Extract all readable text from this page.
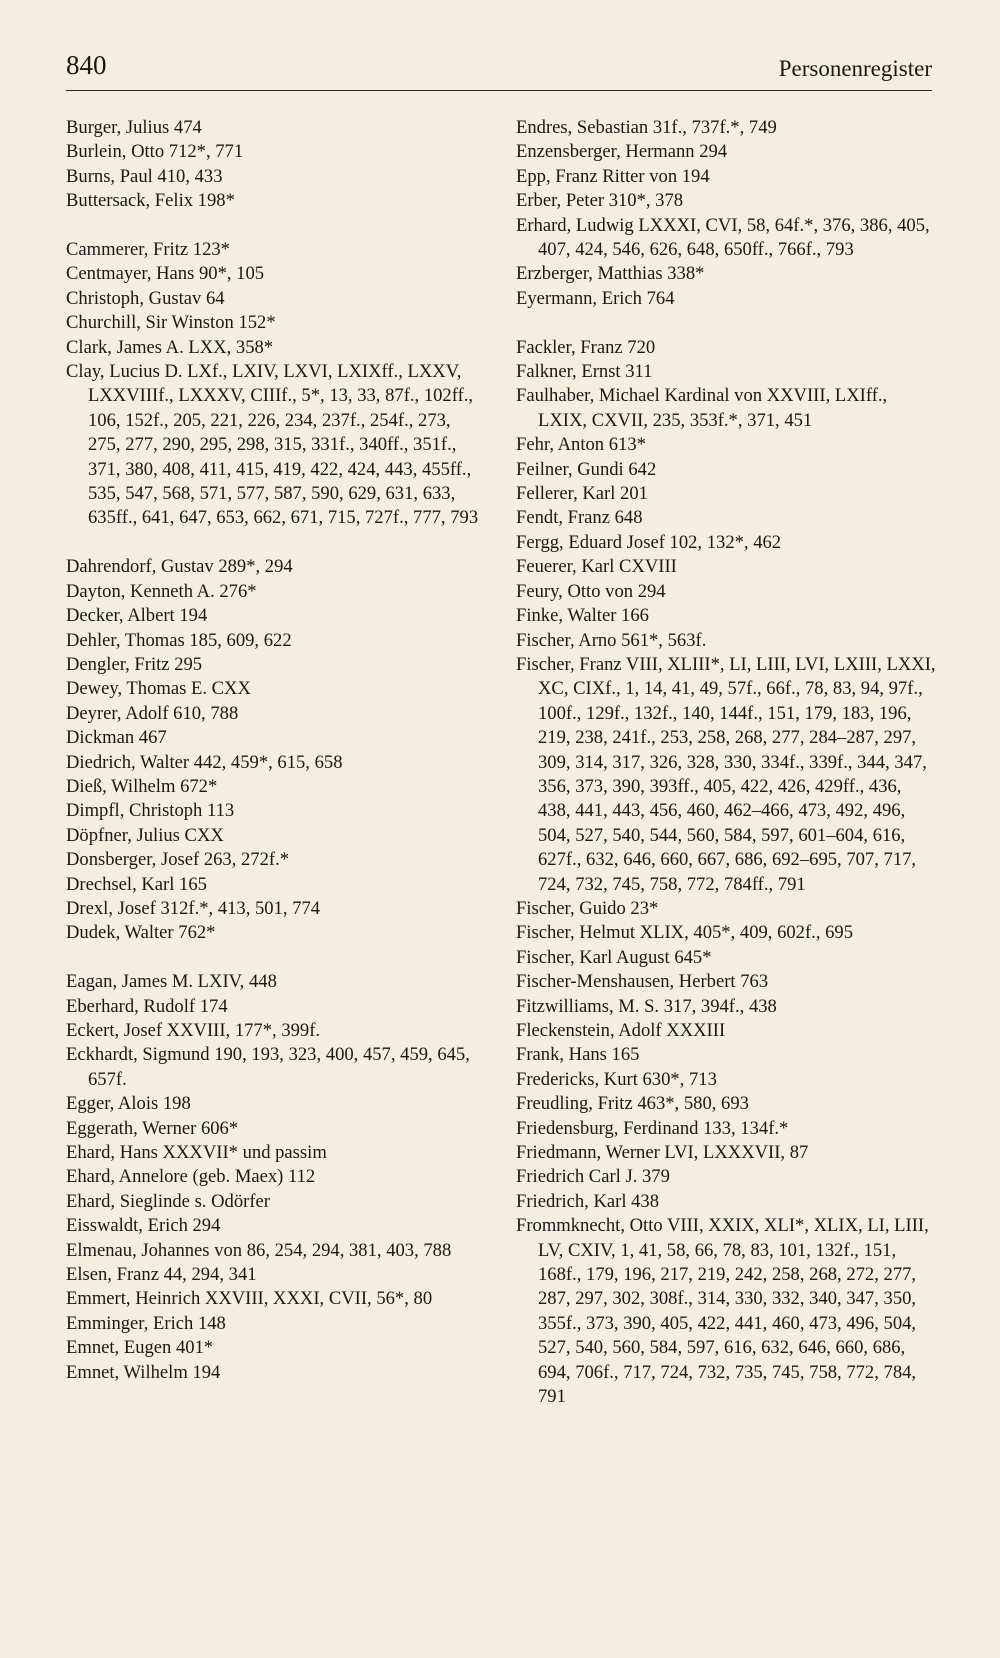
840	Personenregister

Burger, Julius 474

Burlein, Otto 712*, 771

Burns, Paul 410, 433

Buttersack, Felix 198*

Cammerer, Fritz 123*

Centmayer, Hans 90*, 105

Christoph, Gustav 64

Churchill, Sir Winston 152*

Clark, James A. LXX, 358*

Clay, Lucius D. LXf., LXIV, LXVI, LXIXff., LXXV, LXXVIIIf., LXXXV, CIIIf., 5*, 13, 33, 87f., 102ff., 106, 152f., 205, 221, 226, 234, 237f., 254f., 273, 275, 277, 290, 295, 298, 315, 331f., 340ff., 351f., 371, 380, 408, 411, 415, 419, 422, 424, 443, 455ff., 535, 547, 568, 571, 577, 587, 590, 629, 631, 633, 635ff., 641, 647, 653, 662, 671, 715, 727f., 777, 793

Dahrendorf, Gustav 289*, 294

Dayton, Kenneth A. 276*

Decker, Albert 194

Dehler, Thomas 185, 609, 622

Dengler, Fritz 295

Dewey, Thomas E. CXX

Deyrer, Adolf 610, 788

Dickman 467

Diedrich, Walter 442, 459*, 615, 658

Dieß, Wilhelm 672*

Dimpfl, Christoph 113

Döpfner, Julius CXX

Donsberger, Josef 263, 272f.*

Drechsel, Karl 165

Drexl, Josef 312f.*, 413, 501, 774

Dudek, Walter 762*

Eagan, James M. LXIV, 448

Eberhard, Rudolf 174

Eckert, Josef XXVIII, 177*, 399f.

Eckhardt, Sigmund 190, 193, 323, 400, 457, 459, 645, 657f.

Egger, Alois 198

Eggerath, Werner 606*

Ehard, Hans XXXVII* und passim

Ehard, Annelore (geb. Maex) 112

Ehard, Sieglinde s. Odörfer

Eisswaldt, Erich 294

Elmenau, Johannes von 86, 254, 294, 381, 403, 788

Elsen, Franz 44, 294, 341

Emmert, Heinrich XXVIII, XXXI, CVII, 56*, 80

Emminger, Erich 148

Emnet, Eugen 401*

Emnet, Wilhelm 194

Endres, Sebastian 31f., 737f.*, 749

Enzensberger, Hermann 294

Epp, Franz Ritter von 194

Erber, Peter 310*, 378

Erhard, Ludwig LXXXI, CVI, 58, 64f.*, 376, 386, 405, 407, 424, 546, 626, 648, 650ff., 766f., 793

Erzberger, Matthias 338*

Eyermann, Erich 764

Fackler, Franz 720

Falkner, Ernst 311

Faulhaber, Michael Kardinal von XXVIII, LXIff., LXIX, CXVII, 235, 353f.*, 371, 451

Fehr, Anton 613*

Feilner, Gundi 642

Fellerer, Karl 201

Fendt, Franz 648

Fergg, Eduard Josef 102, 132*, 462

Feuerer, Karl CXVIII

Feury, Otto von 294

Finke, Walter 166

Fischer, Arno 561*, 563f.

Fischer, Franz VIII, XLIII*, LI, LIII, LVI, LXIII, LXXI, XC, CIXf., 1, 14, 41, 49, 57f., 66f., 78, 83, 94, 97f., 100f., 129f., 132f., 140, 144f., 151, 179, 183, 196, 219, 238, 241f., 253, 258, 268, 277, 284–287, 297, 309, 314, 317, 326, 328, 330, 334f., 339f., 344, 347, 356, 373, 390, 393ff., 405, 422, 426, 429ff., 436, 438, 441, 443, 456, 460, 462–466, 473, 492, 496, 504, 527, 540, 544, 560, 584, 597, 601–604, 616, 627f., 632, 646, 660, 667, 686, 692–695, 707, 717, 724, 732, 745, 758, 772, 784ff., 791

Fischer, Guido 23*

Fischer, Helmut XLIX, 405*, 409, 602f., 695

Fischer, Karl August 645*

Fischer-Menshausen, Herbert 763

Fitzwilliams, M. S. 317, 394f., 438

Fleckenstein, Adolf XXXIII

Frank, Hans 165

Fredericks, Kurt 630*, 713

Freudling, Fritz 463*, 580, 693

Friedensburg, Ferdinand 133, 134f.*

Friedmann, Werner LVI, LXXXVII, 87

Friedrich Carl J. 379

Friedrich, Karl 438

Frommknecht, Otto VIII, XXIX, XLI*, XLIX, LI, LIII, LV, CXIV, 1, 41, 58, 66, 78, 83, 101, 132f., 151, 168f., 179, 196, 217, 219, 242, 258, 268, 272, 277, 287, 297, 302, 308f., 314, 330, 332, 340, 347, 350, 355f., 373, 390, 405, 422, 441, 460, 473, 496, 504, 527, 540, 560, 584, 597, 616, 632, 646, 660, 686, 694, 706f., 717, 724, 732, 735, 745, 758, 772, 784, 791
